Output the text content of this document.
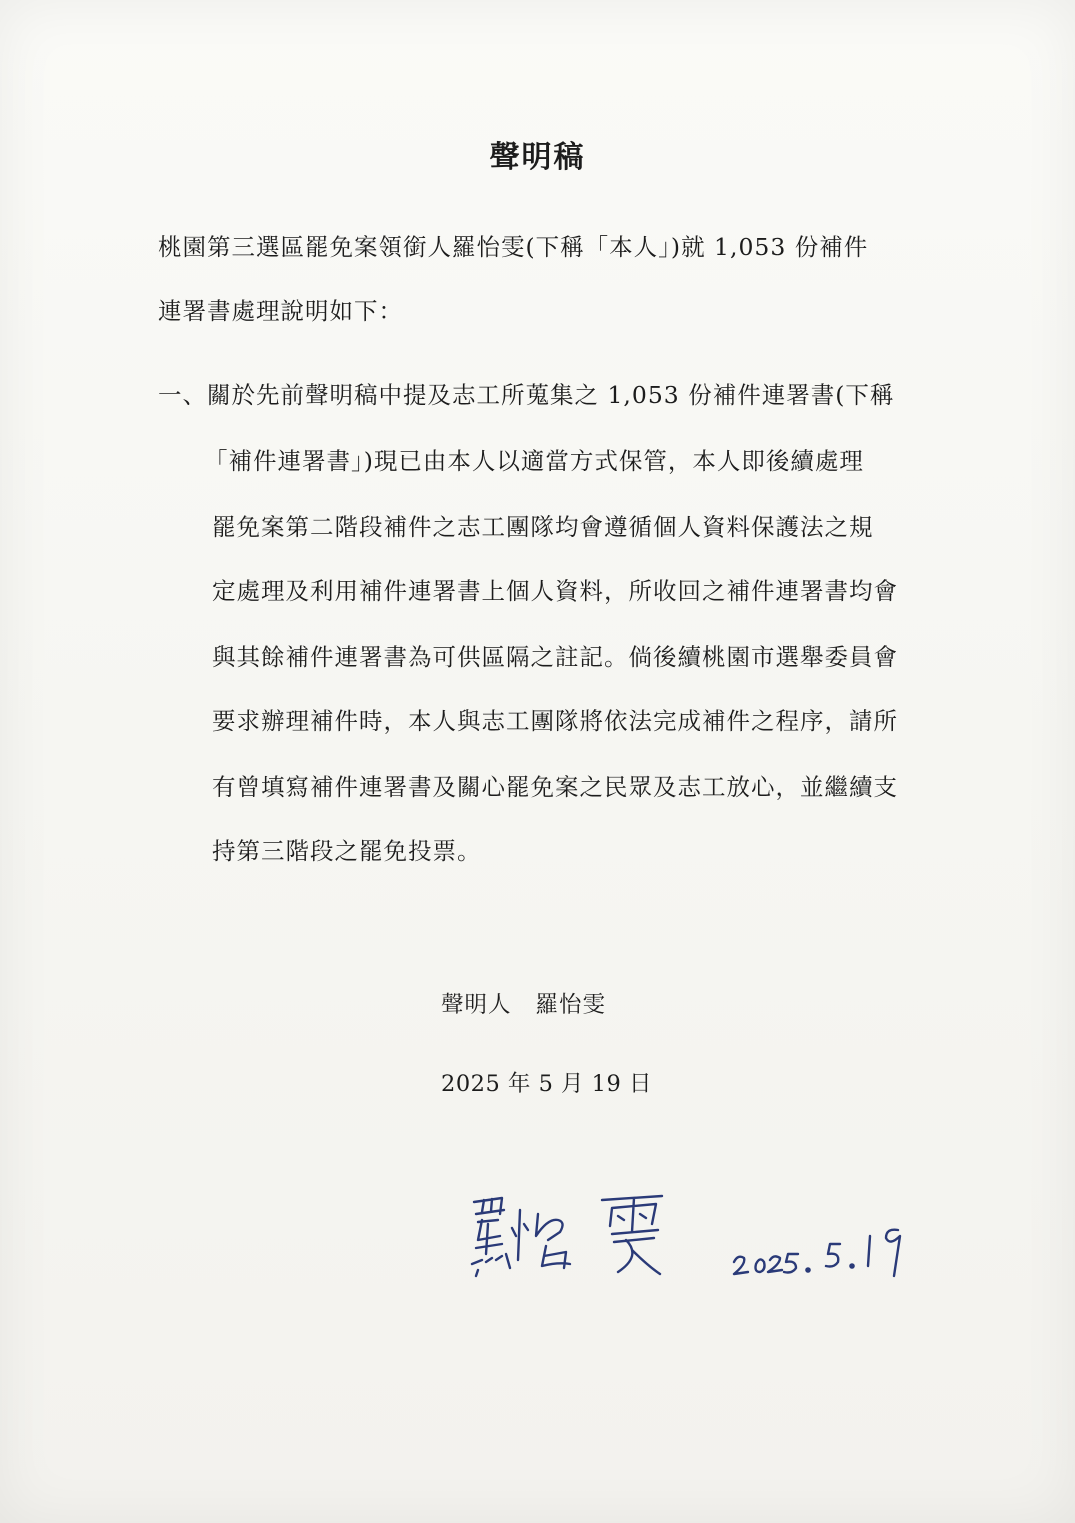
聲明稿
桃園第三選區罷免案領銜人羅怡雯(下稱「本人」)就 1,053 份補件
連署書處理說明如下：
一、關於先前聲明稿中提及志工所蒐集之 1,053 份補件連署書(下稱
「補件連署書」)現已由本人以適當方式保管，本人即後續處理
罷免案第二階段補件之志工團隊均會遵循個人資料保護法之規
定處理及利用補件連署書上個人資料，所收回之補件連署書均會
與其餘補件連署書為可供區隔之註記。倘後續桃園市選舉委員會
要求辦理補件時，本人與志工團隊將依法完成補件之程序，請所
有曾填寫補件連署書及關心罷免案之民眾及志工放心，並繼續支
持第三階段之罷免投票。
聲明人 羅怡雯
2025 年 5 月 19 日
